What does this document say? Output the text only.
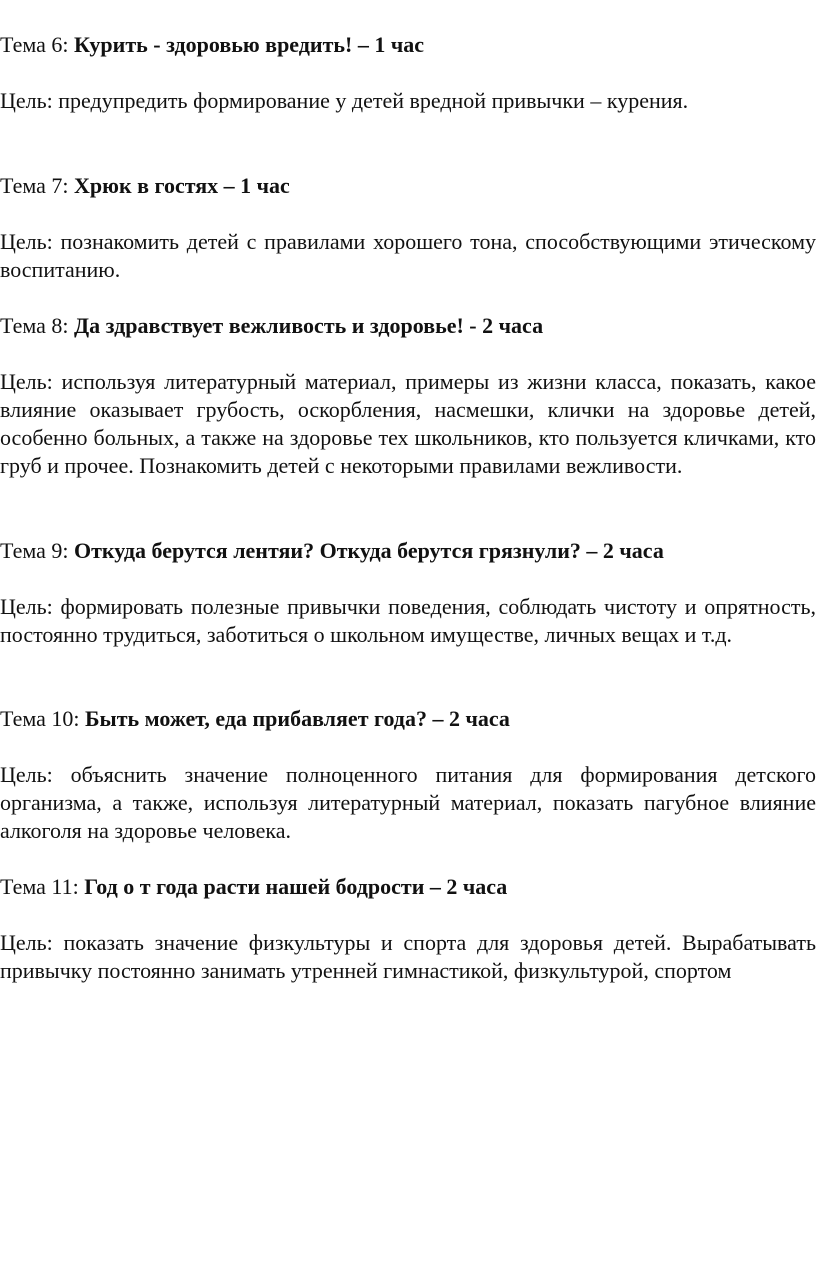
Тема 6: Курить - здоровью вредить! – 1 час

Цель: предупредить формирование у детей вредной привычки – курения.

Тема 7: Хрюк в гостях – 1 час

Цель: познакомить детей с правилами хорошего тона, способствующими этическому воспитанию.

Тема 8: Да здравствует вежливость и здоровье! - 2 часа

Цель: используя литературный материал, примеры из жизни класса, показать, какое влияние оказывает грубость, оскорбления, насмешки, клички на здоровье детей, особенно больных, а также на здоровье тех школьников, кто пользуется кличками, кто груб и прочее. Познакомить детей с некоторыми правилами вежливости.

Тема 9: Откуда берутся лентяи? Откуда берутся грязнули? – 2 часа

Цель: формировать полезные привычки поведения, соблюдать чистоту и опрятность, постоянно трудиться, заботиться о школьном имуществе, личных вещах и т.д.

Тема 10: Быть может, еда прибавляет года? – 2 часа

Цель: объяснить значение полноценного питания для формирования детского организма, а также, используя литературный материал, показать пагубное влияние алкоголя на здоровье человека.

Тема 11: Год о т года расти нашей бодрости – 2 часа

Цель: показать значение физкультуры и спорта для здоровья детей. Вырабатывать привычку постоянно занимать утренней гимнастикой, физкультурой, спортом
